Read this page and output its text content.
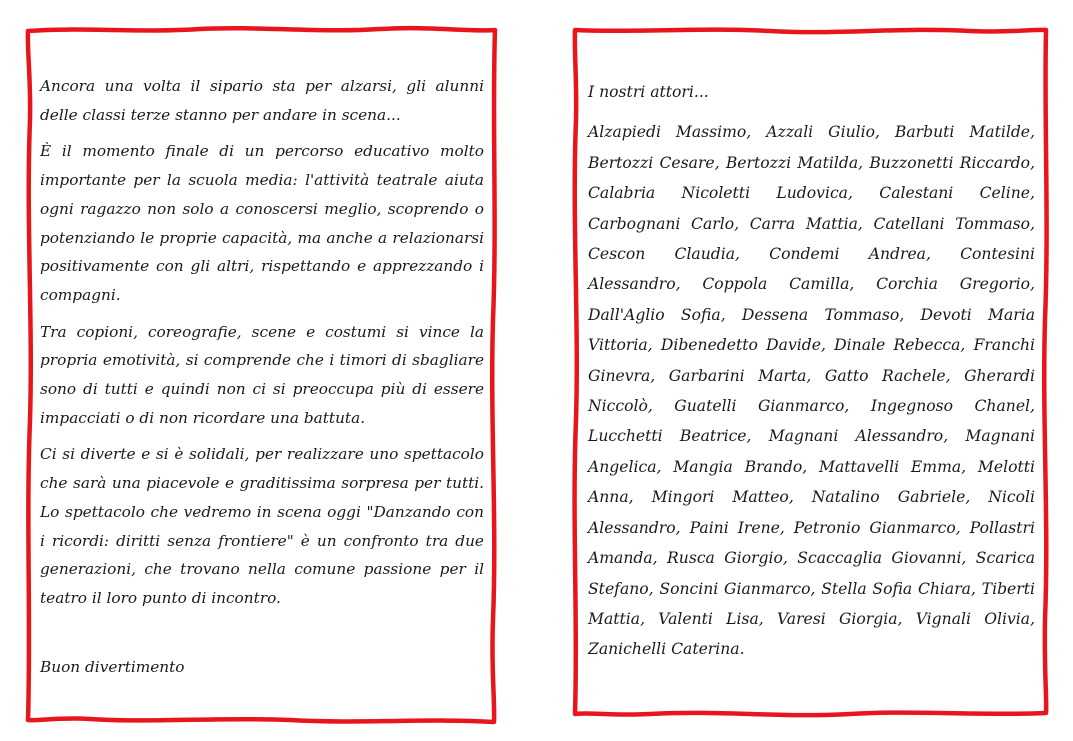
Ancora una volta il sipario sta per alzarsi, gli alunni delle classi terze stanno per andare in scena...

È il momento finale di un percorso educativo molto importante per la scuola media: l'attività teatrale aiuta ogni ragazzo non solo a conoscersi meglio, scoprendo o potenziando le proprie capacità, ma anche a relazionarsi positivamente con gli altri, rispettando e apprezzando i compagni.

Tra copioni, coreografie, scene e costumi si vince la propria emotività, si comprende che i timori di sbagliare sono di tutti e quindi non ci si preoccupa più di essere impacciati o di non ricordare una battuta.

Ci si diverte e si è solidali, per realizzare uno spettacolo che sarà una piacevole e graditissima sorpresa per tutti. Lo spettacolo che vedremo in scena oggi "Danzando con i ricordi: diritti senza frontiere" è un confronto tra due generazioni, che trovano nella comune passione per il teatro il loro punto di incontro.

Buon divertimento

I nostri attori...

Alzapiedi Massimo, Azzali Giulio, Barbuti Matilde, Bertozzi Cesare, Bertozzi Matilda, Buzzonetti Riccardo, Calabria Nicoletti Ludovica, Calestani Celine, Carbognani Carlo, Carra Mattia, Catellani Tommaso, Cescon Claudia, Condemi Andrea, Contesini Alessandro, Coppola Camilla, Corchia Gregorio, Dall'Aglio Sofia, Dessena Tommaso, Devoti Maria Vittoria, Dibenedetto Davide, Dinale Rebecca, Franchi Ginevra, Garbarini Marta, Gatto Rachele, Gherardi Niccolò, Guatelli Gianmarco, Ingegnoso Chanel, Lucchetti Beatrice, Magnani Alessandro, Magnani Angelica, Mangia Brando, Mattavelli Emma, Melotti Anna, Mingori Matteo, Natalino Gabriele, Nicoli Alessandro, Paini Irene, Petronio Gianmarco, Pollastri Amanda, Rusca Giorgio, Scaccaglia Giovanni, Scarica Stefano, Soncini Gianmarco, Stella Sofia Chiara, Tiberti Mattia, Valenti Lisa, Varesi Giorgia, Vignali Olivia, Zanichelli Caterina.
